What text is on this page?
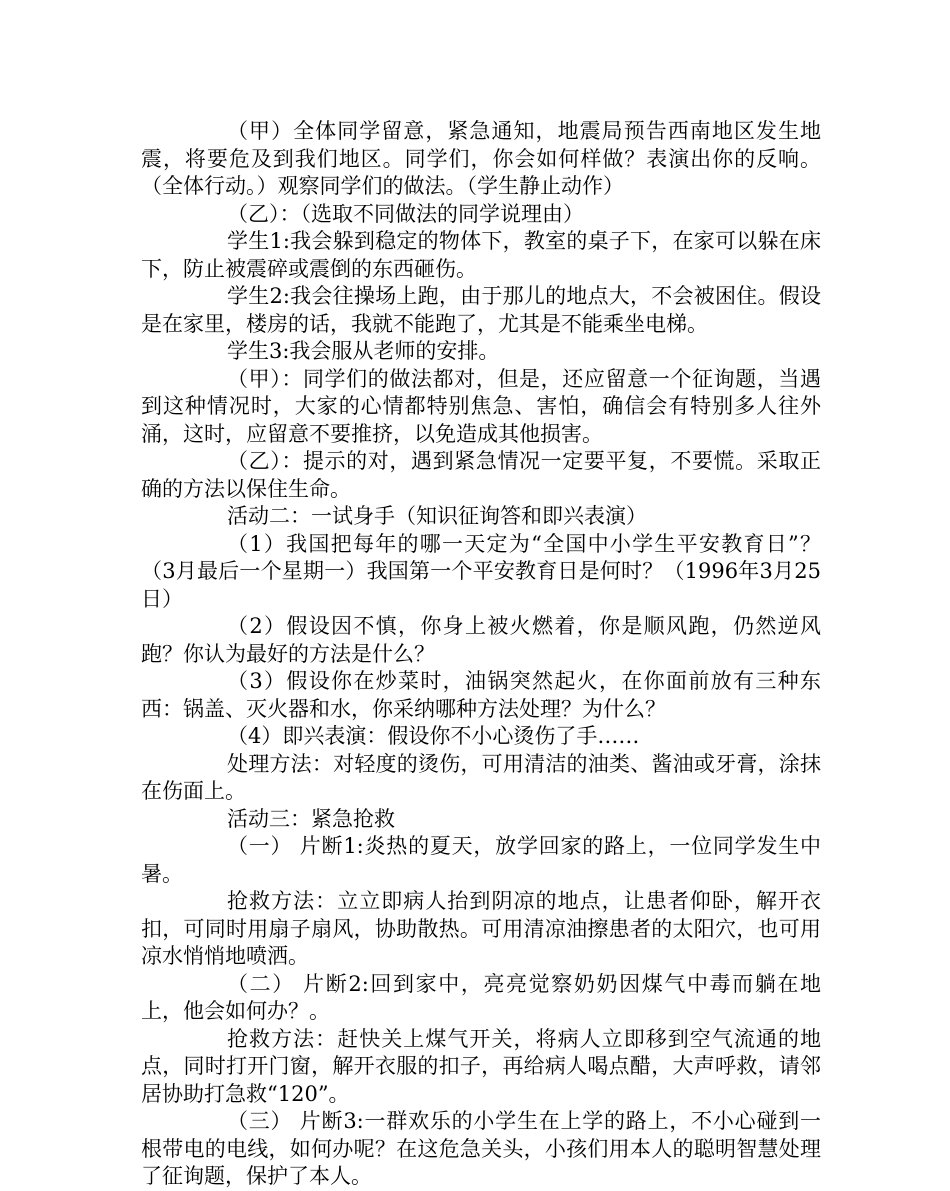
（甲）全体同学留意，紧急通知，地震局预告西南地区发生地震，将要危及到我们地区。同学们，你会如何样做？表演出你的反响。（全体行动。）观察同学们的做法。（学生静止动作）

（乙）：（选取不同做法的同学说理由）

学生1:我会躲到稳定的物体下，教室的桌子下，在家可以躲在床下，防止被震碎或震倒的东西砸伤。

学生2:我会往操场上跑，由于那儿的地点大，不会被困住。假设是在家里，楼房的话，我就不能跑了，尤其是不能乘坐电梯。

学生3:我会服从老师的安排。

（甲）：同学们的做法都对，但是，还应留意一个征询题，当遇到这种情况时，大家的心情都特别焦急、害怕，确信会有特别多人往外涌，这时，应留意不要推挤，以免造成其他损害。

（乙）：提示的对，遇到紧急情况一定要平复，不要慌。采取正确的方法以保住生命。

活动二：一试身手（知识征询答和即兴表演）

（1）我国把每年的哪一天定为“全国中小学生平安教育日”？（3月最后一个星期一）我国第一个平安教育日是何时？（1996年3月25日）

（2）假设因不慎，你身上被火燃着，你是顺风跑，仍然逆风跑？你认为最好的方法是什么？

（3）假设你在炒菜时，油锅突然起火，在你面前放有三种东西：锅盖、灭火器和水，你采纳哪种方法处理？为什么？

（4）即兴表演：假设你不小心烫伤了手……

处理方法：对轻度的烫伤，可用清洁的油类、酱油或牙膏，涂抹在伤面上。

活动三：紧急抢救

（一） 片断1:炎热的夏天，放学回家的路上，一位同学发生中暑。

抢救方法：立立即病人抬到阴凉的地点，让患者仰卧，解开衣扣，可同时用扇子扇风，协助散热。可用清凉油擦患者的太阳穴，也可用凉水悄悄地喷洒。

（二） 片断2:回到家中，亮亮觉察奶奶因煤气中毒而躺在地上，他会如何办？。

抢救方法：赶快关上煤气开关，将病人立即移到空气流通的地点，同时打开门窗，解开衣服的扣子，再给病人喝点醋，大声呼救，请邻居协助打急救“120”。

（三） 片断3:一群欢乐的小学生在上学的路上，不小心碰到一根带电的电线，如何办呢？在这危急关头，小孩们用本人的聪明智慧处理了征询题，保护了本人。
